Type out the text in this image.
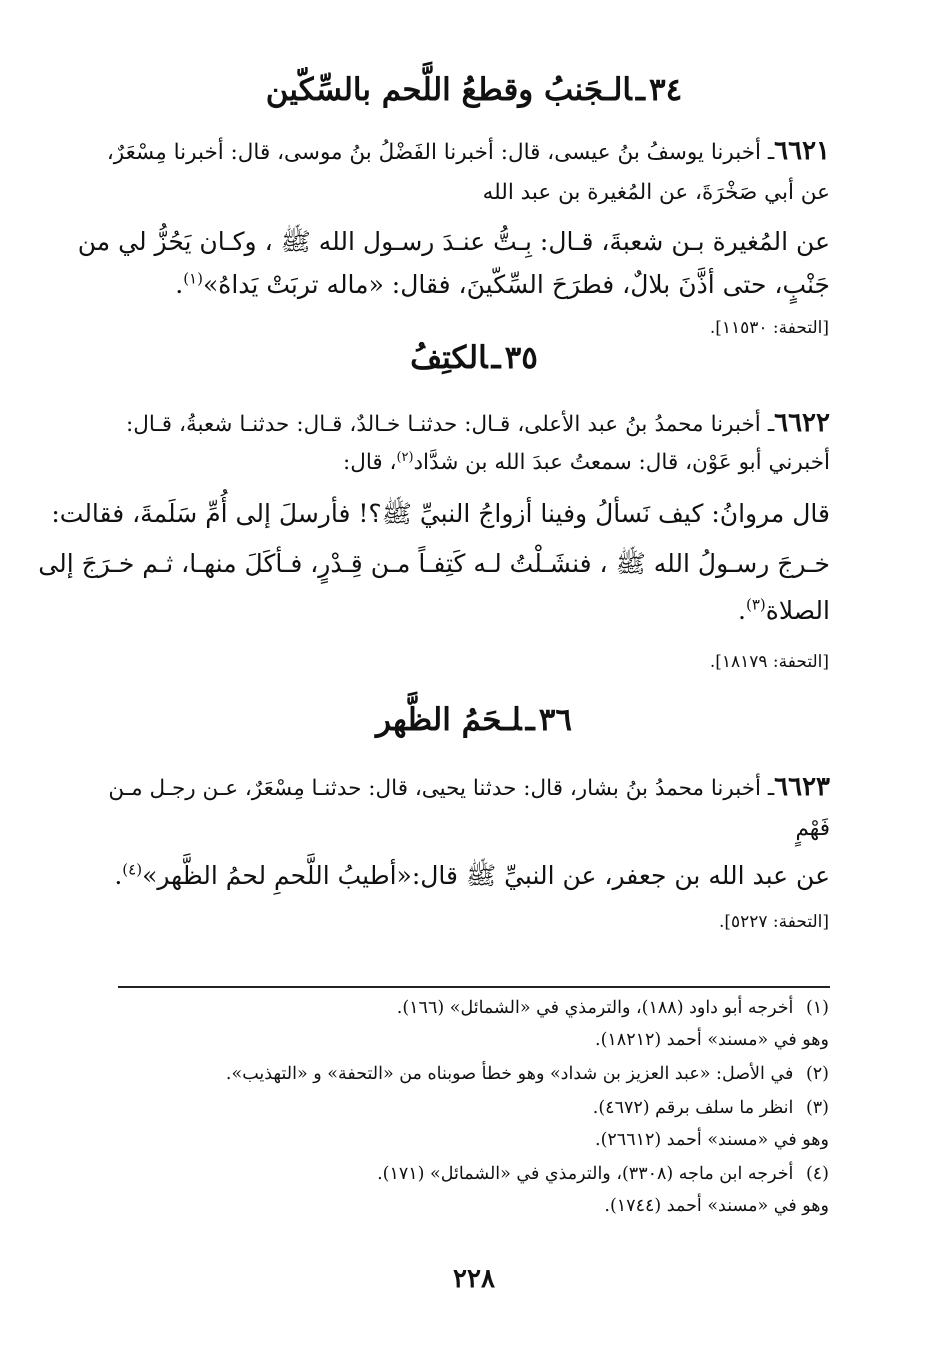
٣٤ـالـجَنبُ وقطعُ اللَّحم بالسِّكّين
٦٦٢١ـ أخبرنا يوسفُ بنُ عيسى، قال: أخبرنا الفَضْلُ بنُ موسى، قال: أخبرنا مِسْعَرٌ،
عن أبي صَخْرَةَ، عن المُغيرة بن عبد الله
عن المُغيرة بـن شعبةَ، قـال: بِـتُّ عنـدَ رسـول الله ﷺ ، وكـان يَحُزُّ لي من
جَنْبٍ، حتى أذَّنَ بلالٌ، فطرَحَ السِّكّينَ، فقال: «ماله تربَتْ يَداهُ»$^{(١)}$.
[التحفة: ١١٥٣٠].
٣٥ـالكتِفُ
٦٦٢٢ـ أخبرنا محمدُ بنُ عبد الأعلى، قـال: حدثنـا خـالدٌ، قـال: حدثنـا شعبةُ، قـال:
أخبرني أبو عَوْن، قال: سمعتُ عبدَ الله بن شدَّاد$^{(٢)}$، قال:
قال مروانُ: كيف نَسألُ وفينا أزواجُ النبيِّ ﷺ؟! فأرسلَ إلى أُمِّ سَلَمةَ، فقالت:
خـرجَ رسـولُ الله ﷺ ، فنشَـلْتُ لـه كَتِفـاً مـن قِـدْرٍ، فـأكَلَ منهـا، ثـم خـرَجَ إلى
الصلاة$^{(٣)}$.
[التحفة: ١٨١٧٩].
٣٦ـلـحَمُ الظَّهر
٦٦٢٣ـ أخبرنا محمدُ بنُ بشار، قال: حدثنا يحيى، قال: حدثنـا مِسْعَرٌ، عـن رجـل مـن
فَهْمٍ
عن عبد الله بن جعفر، عن النبيِّ ﷺ قال:«أطيبُ اللَّحمِ لحمُ الظَّهر»$^{(٤)}$.
[التحفة: ٥٢٢٧].
(١) أخرجه أبو داود (١٨٨)، والترمذي في «الشمائل» (١٦٦).
وهو في «مسند» أحمد (١٨٢١٢).
(٢) في الأصل: «عبد العزيز بن شداد» وهو خطأ صوبناه من «التحفة» و «التهذيب».
(٣) انظر ما سلف برقم (٤٦٧٢).
وهو في «مسند» أحمد (٢٦٦١٢).
(٤) أخرجه ابن ماجه (٣٣٠٨)، والترمذي في «الشمائل» (١٧١).
وهو في «مسند» أحمد (١٧٤٤).
٢٢٨
